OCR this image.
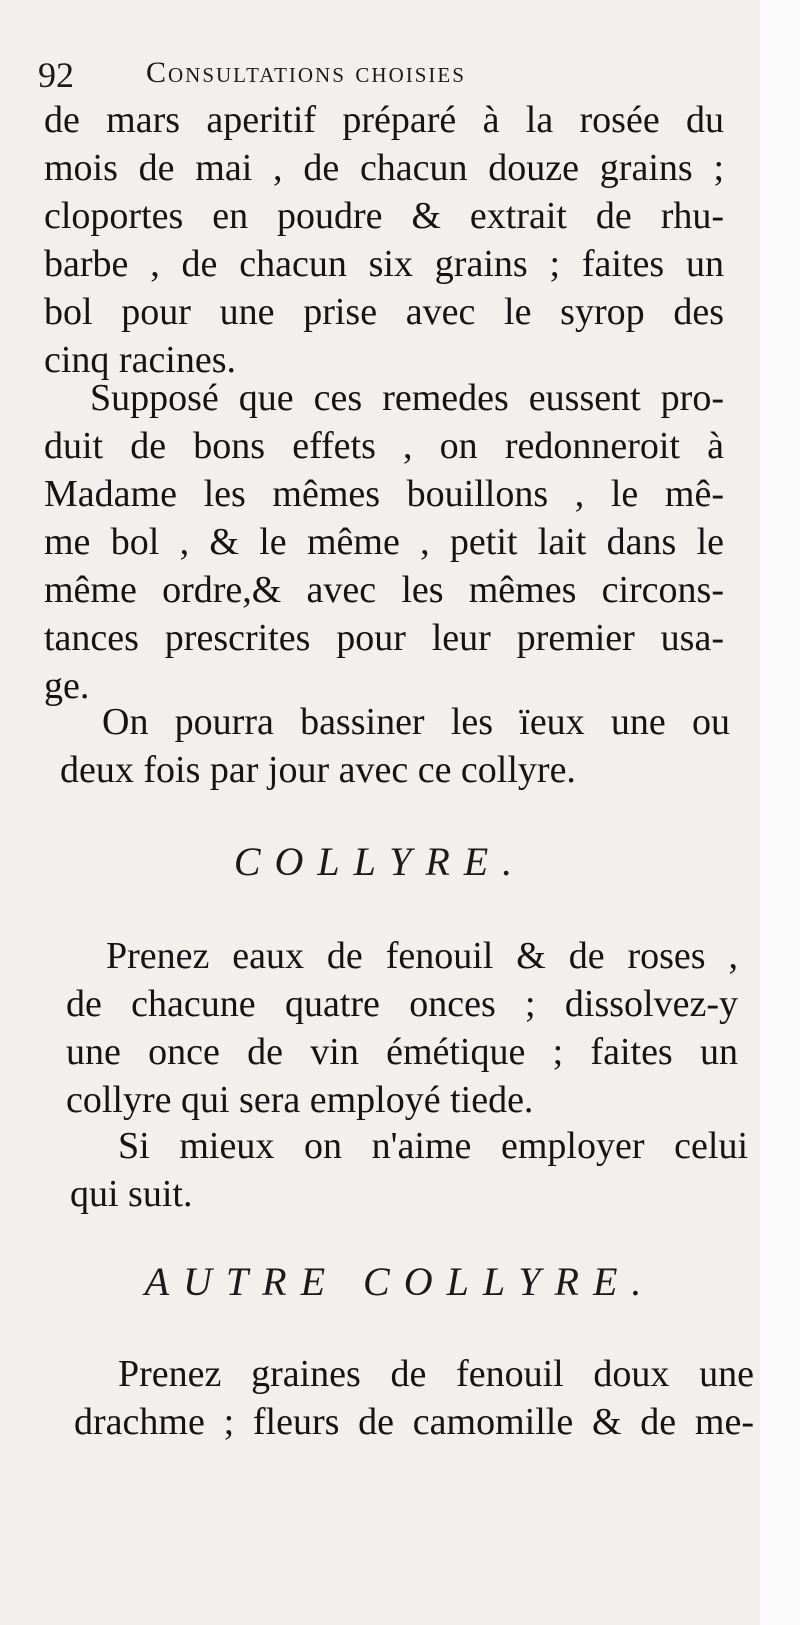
92 Consultations choisies
de mars aperitif préparé à la rosée du
mois de mai , de chacun douze grains ;
cloportes en poudre & extrait de rhu-
barbe , de chacun six grains ; faites un
bol pour une prise avec le syrop des
cinq racines.
Supposé que ces remedes eussent pro-
duit de bons effets , on redonneroit à
Madame les mêmes bouillons , le mê-
me bol , & le même , petit lait dans le
même ordre,& avec les mêmes circons-
tances prescrites pour leur premier usa-
ge.
On pourra bassiner les ïeux une ou
deux fois par jour avec ce collyre.
COLLYRE.
Prenez eaux de fenouil & de roses ,
de chacune quatre onces ; dissolvez-y
une once de vin émétique ; faites un
collyre qui sera employé tiede.
Si mieux on n'aime employer celui
qui suit.
AUTRE COLLYRE.
Prenez graines de fenouil doux une
drachme ; fleurs de camomille & de me-
